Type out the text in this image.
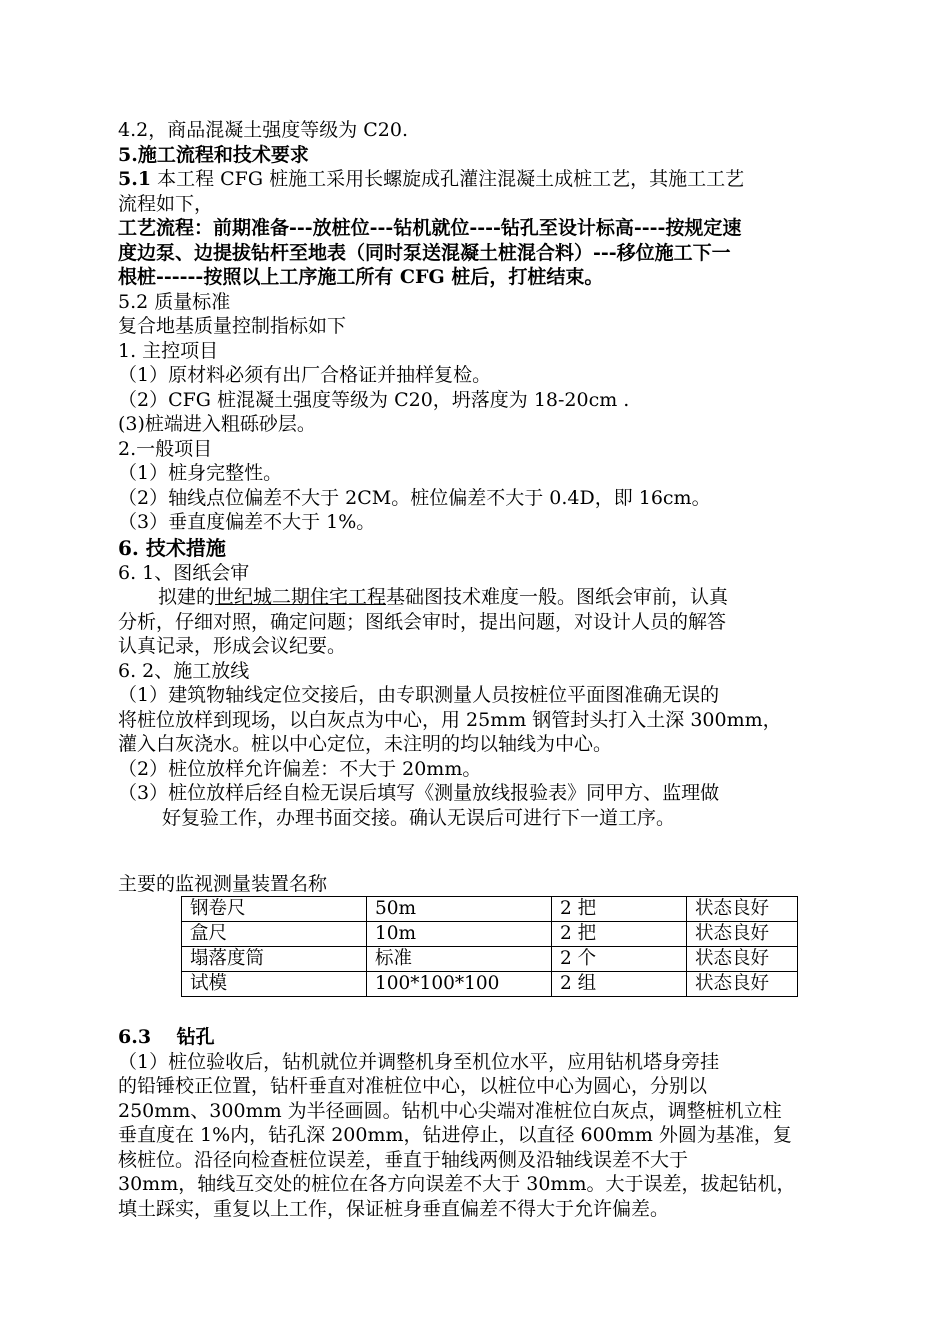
4.2，商品混凝土强度等级为 C20.

5.施工流程和技术要求

5.1 本工程 CFG 桩施工采用长螺旋成孔灌注混凝土成桩工艺，其施工工艺

流程如下，

工艺流程：前期准备---放桩位---钻机就位----钻孔至设计标高----按规定速

度边泵、边提拔钻杆至地表（同时泵送混凝土桩混合料）---移位施工下一

根桩------按照以上工序施工所有 CFG 桩后，打桩结束。

5.2 质量标准

复合地基质量控制指标如下

1. 主控项目

（1）原材料必须有出厂合格证并抽样复检。

（2）CFG 桩混凝土强度等级为 C20，坍落度为 18-20cm .

(3)桩端进入粗砾砂层。

2.一般项目

（1）桩身完整性。

（2）轴线点位偏差不大于 2CM。桩位偏差不大于 0.4D，即 16cm。

（3）垂直度偏差不大于 1%。

6. 技术措施

6. 1、图纸会审

拟建的世纪城二期住宅工程基础图技术难度一般。图纸会审前，认真

分析，仔细对照，确定问题；图纸会审时，提出问题，对设计人员的解答

认真记录，形成会议纪要。

6. 2、施工放线

（1）建筑物轴线定位交接后，由专职测量人员按桩位平面图准确无误的

将桩位放样到现场，以白灰点为中心，用 25mm 钢管封头打入土深 300mm，

灌入白灰浇水。桩以中心定位，未注明的均以轴线为中心。

（2）桩位放样允许偏差：不大于 20mm。

（3）桩位放样后经自检无误后填写《测量放线报验表》同甲方、监理做

好复验工作，办理书面交接。确认无误后可进行下一道工序。

主要的监视测量装置名称

钢卷尺	50m	2 把	状态良好
盒尺	10m	2 把	状态良好
塌落度筒	标准	2 个	状态良好
试模	100*100*100	2 组	状态良好

6.3　 钻孔

（1）桩位验收后，钻机就位并调整机身至机位水平，应用钻机塔身旁挂

的铅锤校正位置，钻杆垂直对准桩位中心，以桩位中心为圆心，分别以

250mm、300mm 为半径画圆。钻机中心尖端对准桩位白灰点，调整桩机立柱

垂直度在 1%内，钻孔深 200mm，钻进停止，以直径 600mm 外圆为基准，复

核桩位。沿径向检查桩位误差，垂直于轴线两侧及沿轴线误差不大于

30mm，轴线互交处的桩位在各方向误差不大于 30mm。大于误差，拔起钻机，

填土踩实，重复以上工作，保证桩身垂直偏差不得大于允许偏差。
